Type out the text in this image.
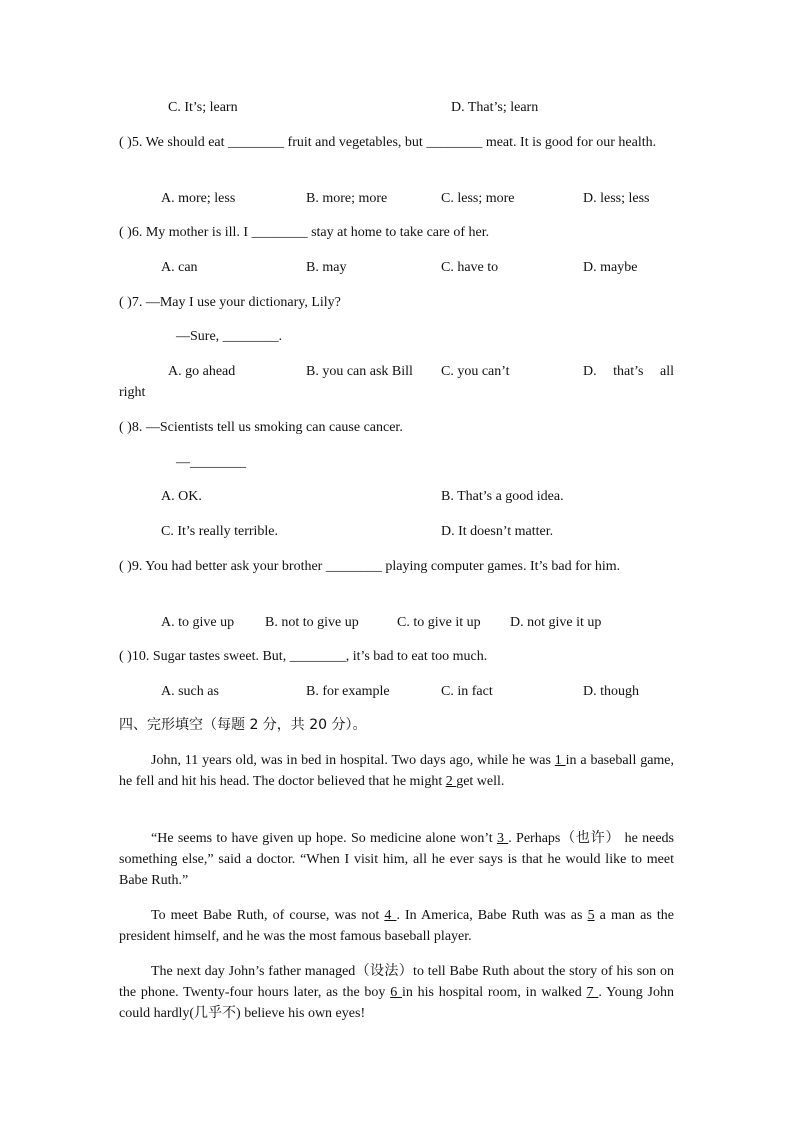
C. It’s; learn	D. That’s; learn
( )5. We should eat ________ fruit and vegetables, but ________ meat. It is good for our health.
A. more; less	B. more; more	C. less; more	D. less; less
( )6. My mother is ill. I ________ stay at home to take care of her.
A. can	B. may	C. have to	D. maybe
( )7. —May I use your dictionary, Lily?
—Sure, ________.
A. go ahead	B. you can ask Bill C. you can’t	D. that’s all
right
( )8. —Scientists tell us smoking can cause cancer.
—________
A. OK.	B. That’s a good idea.
C. It’s really terrible.	D. It doesn’t matter.
( )9. You had better ask your brother ________ playing computer games. It’s bad for him.
A. to give up B. not to give up	C. to give it up D. not give it up
( )10. Sugar tastes sweet. But, ________, it’s bad to eat too much.
A. such as	B. for example	C. in fact	D. though
四、完形填空（每题 2 分，共 20 分）。
John, 11 years old, was in bed in hospital. Two days ago, while he was 1 in a baseball game, he fell and hit his head. The doctor believed that he might 2 get well.
“He seems to have given up hope. So medicine alone won’t 3 . Perhaps（也许） he needs something else,” said a doctor. “When I visit him, all he ever says is that he would like to meet Babe Ruth.”
To meet Babe Ruth, of course, was not 4 . In America, Babe Ruth was as 5 a man as the president himself, and he was the most famous baseball player.
The next day John’s father managed（设法）to tell Babe Ruth about the story of his son on the phone. Twenty-four hours later, as the boy 6 in his hospital room, in walked 7 . Young John could hardly(几乎不) believe his own eyes!
